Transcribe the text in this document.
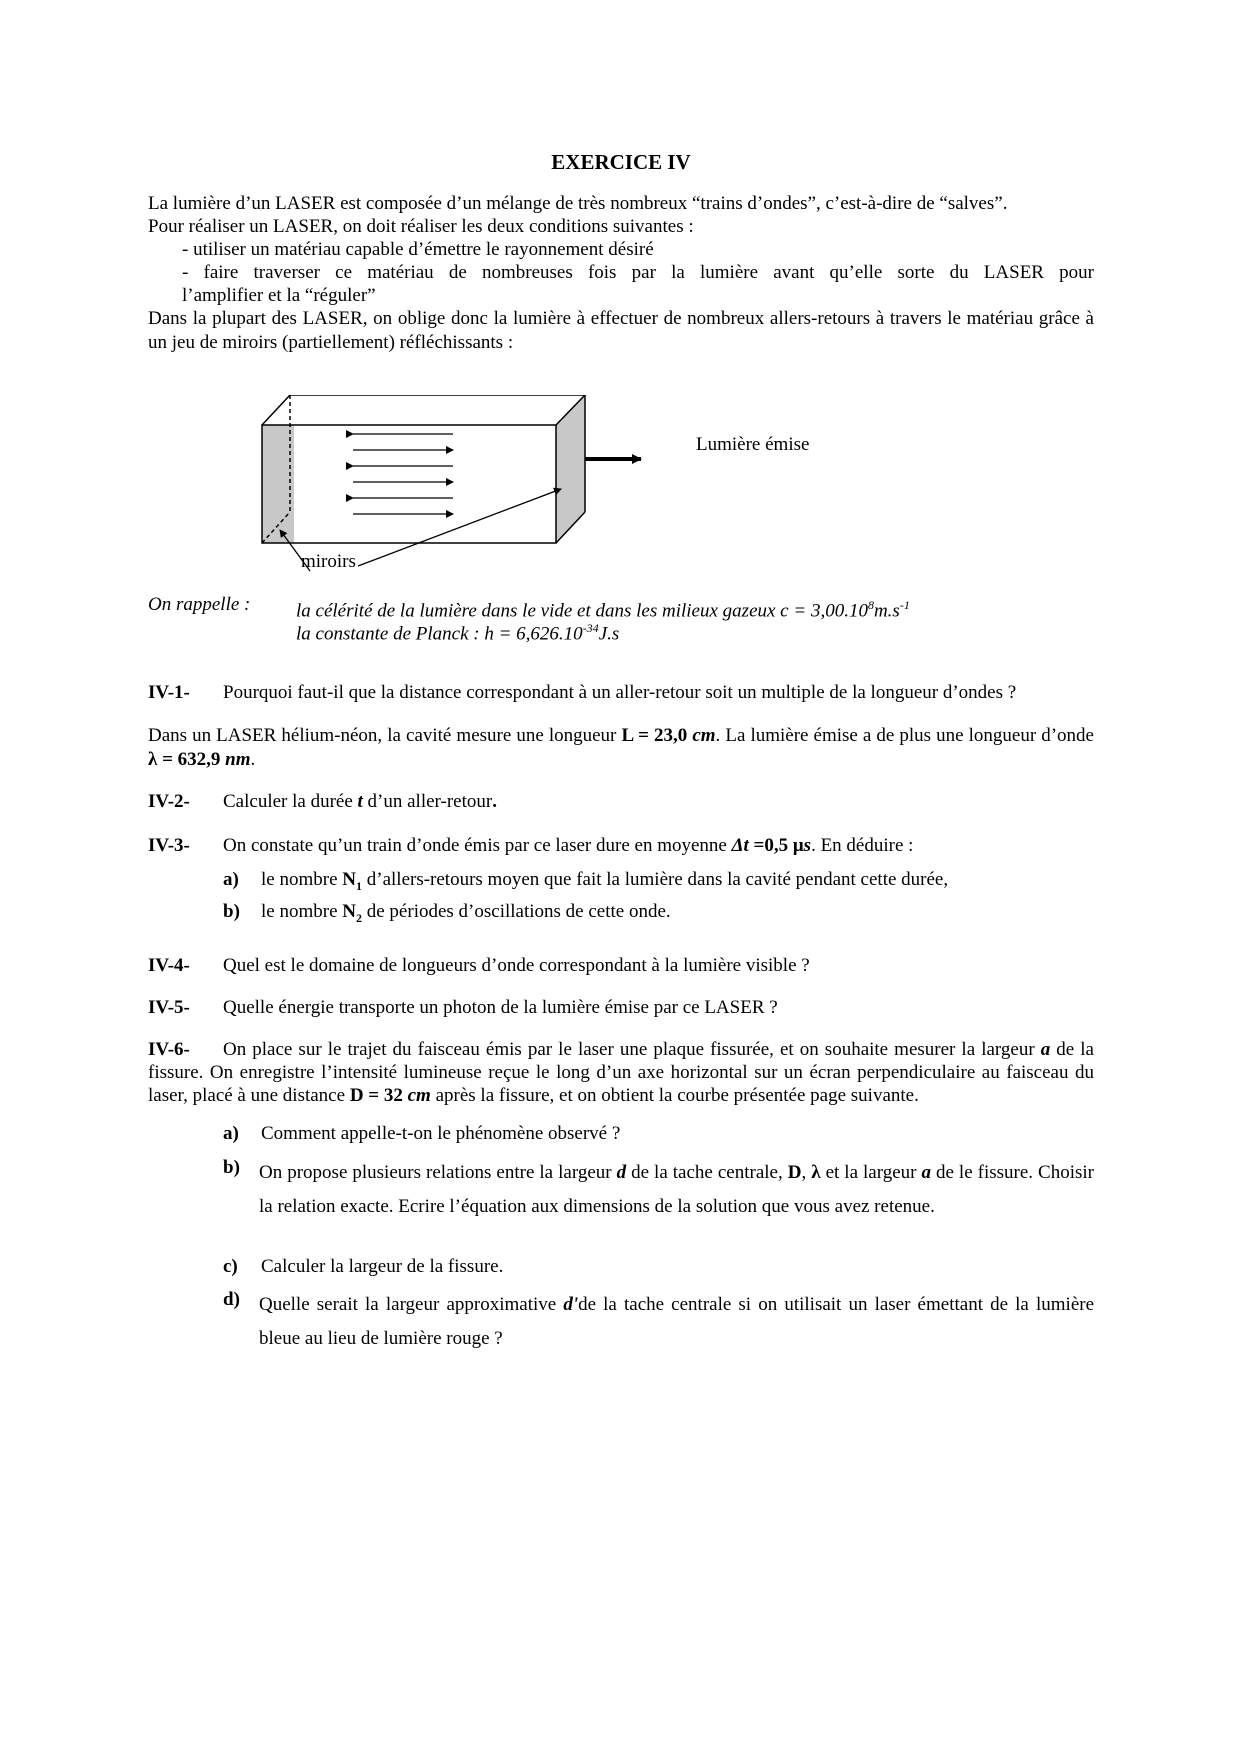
EXERCICE IV
La lumière d’un LASER est composée d’un mélange de très nombreux “trains d’ondes”, c’est-à-dire de “salves”.
Pour réaliser un LASER, on doit réaliser les deux conditions suivantes :
- utiliser un matériau capable d’émettre le rayonnement désiré
- faire traverser ce matériau de nombreuses fois par la lumière avant qu’elle sorte du LASER pour
l’amplifier et la “réguler”
Dans la plupart des LASER, on oblige donc la lumière à effectuer de nombreux allers-retours à travers le matériau grâce à un jeu de miroirs (partiellement) réfléchissants :
Lumière émise
miroirs
On rappelle : la célérité de la lumière dans le vide et dans les milieux gazeux $c = 3,00.10^8m.s^{-1}$
la constante de Planck : $h = 6,626.10^{-34}J.s$
IV-1- Pourquoi faut-il que la distance correspondant à un aller-retour soit un multiple de la longueur d’ondes ?
Dans un LASER hélium-néon, la cavité mesure une longueur L = 23,0 cm. La lumière émise a de plus une longueur d’onde λ = 632,9 nm.
IV-2- Calculer la durée t d’un aller-retour.
IV-3- On constate qu’un train d’onde émis par ce laser dure en moyenne Δt =0,5 μs. En déduire :
a) le nombre $N_1$ d’allers-retours moyen que fait la lumière dans la cavité pendant cette durée,
b) le nombre $N_2$ de périodes d’oscillations de cette onde.
IV-4- Quel est le domaine de longueurs d’onde correspondant à la lumière visible ?
IV-5- Quelle énergie transporte un photon de la lumière émise par ce LASER ?
IV-6- On place sur le trajet du faisceau émis par le laser une plaque fissurée, et on souhaite mesurer la largeur a de la fissure. On enregistre l’intensité lumineuse reçue le long d’un axe horizontal sur un écran perpendiculaire au faisceau du laser, placé à une distance D = 32 cm après la fissure, et on obtient la courbe présentée page suivante.
a) Comment appelle-t-on le phénomène observé ?
b)	On propose plusieurs relations entre la largeur d de la tache centrale, D, λ et la largeur a de le fissure. Choisir la relation exacte. Ecrire l’équation aux dimensions de la solution que vous avez retenue.
c) Calculer la largeur de la fissure.
d)	Quelle serait la largeur approximative d'de la tache centrale si on utilisait un laser émettant de la lumière bleue au lieu de lumière rouge ?
